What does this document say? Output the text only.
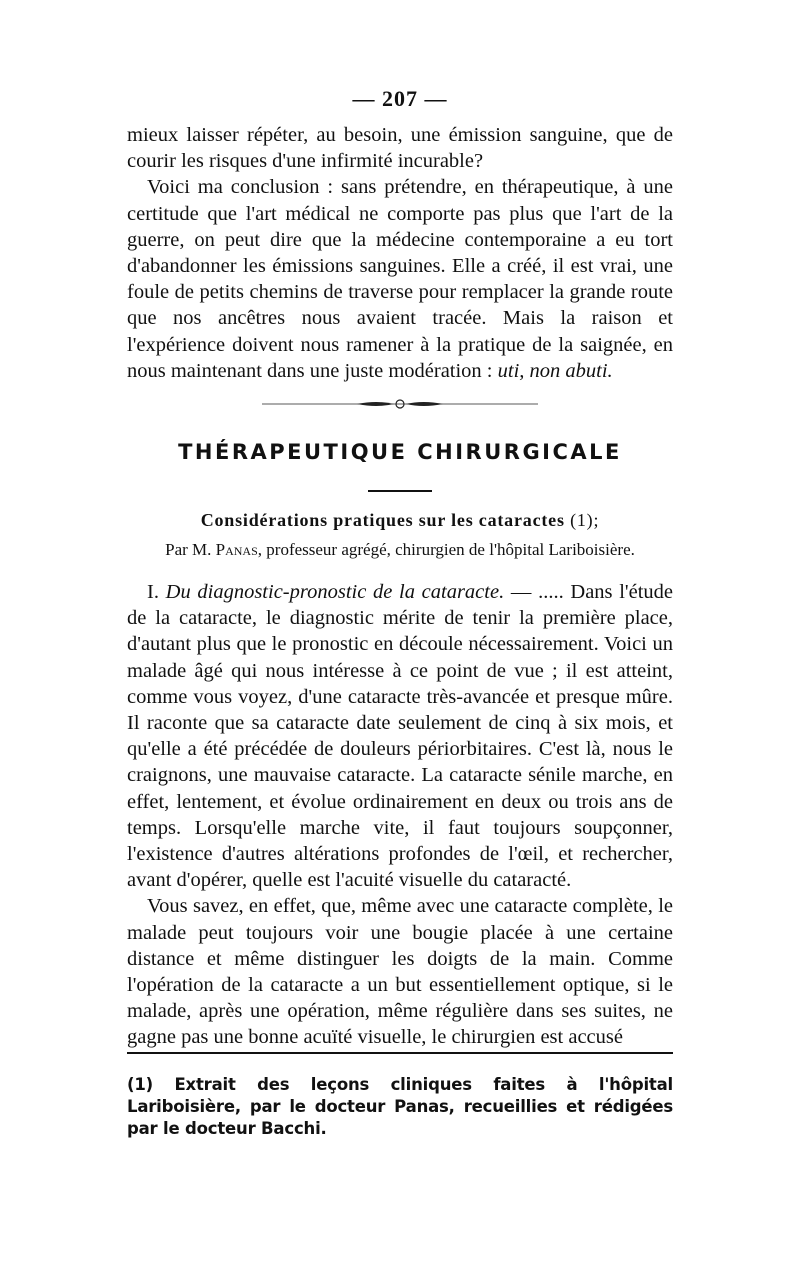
— 207 —

mieux laisser répéter, au besoin, une émission sanguine, que de courir les risques d'une infirmité incurable?

Voici ma conclusion : sans prétendre, en thérapeutique, à une certitude que l'art médical ne comporte pas plus que l'art de la guerre, on peut dire que la médecine contemporaine a eu tort d'abandonner les émissions sanguines. Elle a créé, il est vrai, une foule de petits chemins de traverse pour remplacer la grande route que nos ancêtres nous avaient tracée. Mais la raison et l'expérience doivent nous ramener à la pratique de la saignée, en nous maintenant dans une juste modération : uti, non abuti.

THÉRAPEUTIQUE CHIRURGICALE
Considérations pratiques sur les cataractes (1);
Par M. Panas, professeur agrégé, chirurgien de l'hôpital Lariboisière.

I. Du diagnostic-pronostic de la cataracte. — ..... Dans l'étude de la cataracte, le diagnostic mérite de tenir la première place, d'autant plus que le pronostic en découle nécessairement. Voici un malade âgé qui nous intéresse à ce point de vue ; il est atteint, comme vous voyez, d'une cataracte très-avancée et presque mûre. Il raconte que sa cataracte date seulement de cinq à six mois, et qu'elle a été précédée de douleurs périorbitaires. C'est là, nous le craignons, une mauvaise cataracte. La cataracte sénile marche, en effet, lentement, et évolue ordinairement en deux ou trois ans de temps. Lorsqu'elle marche vite, il faut toujours soupçonner, l'existence d'autres altérations profondes de l'œil, et rechercher, avant d'opérer, quelle est l'acuité visuelle du cataracté.

Vous savez, en effet, que, même avec une cataracte complète, le malade peut toujours voir une bougie placée à une certaine distance et même distinguer les doigts de la main. Comme l'opération de la cataracte a un but essentiellement optique, si le malade, après une opération, même régulière dans ses suites, ne gagne pas une bonne acuïté visuelle, le chirurgien est accusé

(1) Extrait des leçons cliniques faites à l'hôpital Lariboisière, par le docteur Panas, recueillies et rédigées par le docteur Bacchi.
